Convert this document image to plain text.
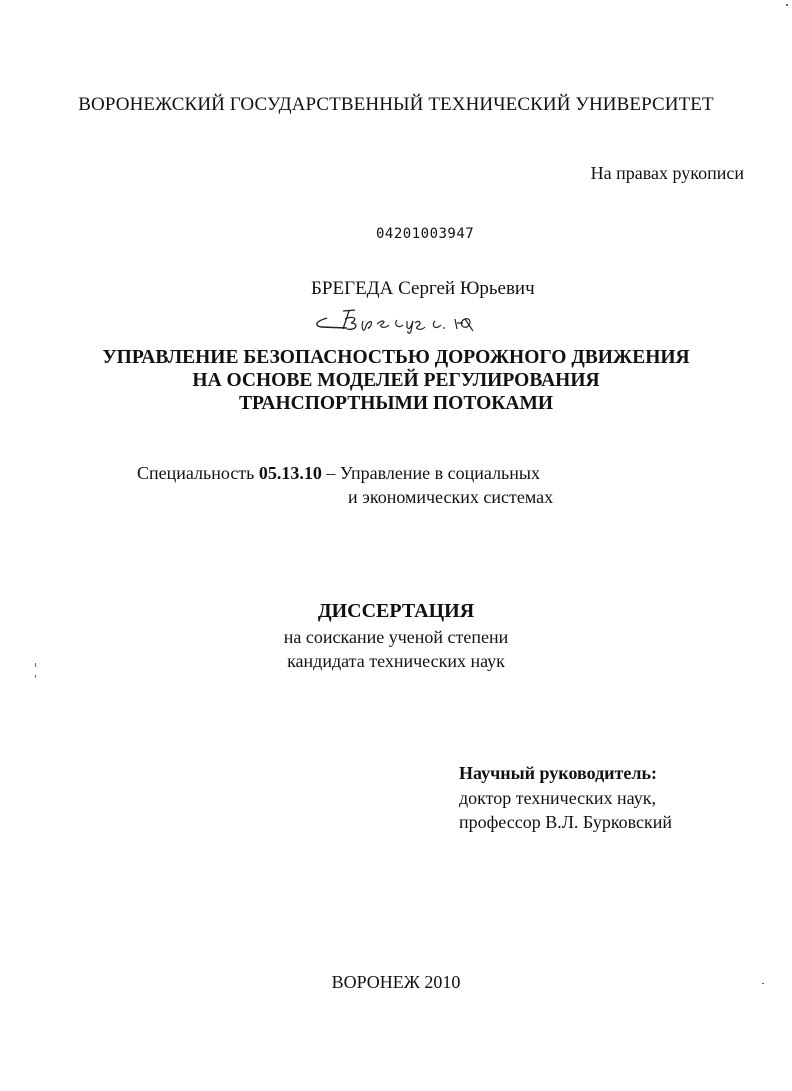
ВОРОНЕЖСКИЙ ГОСУДАРСТВЕННЫЙ ТЕХНИЧЕСКИЙ УНИВЕРСИТЕТ
На правах рукописи
04201003947
БРЕГЕДА Сергей Юрьевич
УПРАВЛЕНИЕ БЕЗОПАСНОСТЬЮ ДОРОЖНОГО ДВИЖЕНИЯ
НА ОСНОВЕ МОДЕЛЕЙ РЕГУЛИРОВАНИЯ
ТРАНСПОРТНЫМИ ПОТОКАМИ
Специальность 05.13.10 – Управление в социальных
и экономических системах
ДИССЕРТАЦИЯ
на соискание ученой степени
кандидата технических наук
Научный руководитель:
доктор технических наук,
профессор В.Л. Бурковский
ВОРОНЕЖ 2010
